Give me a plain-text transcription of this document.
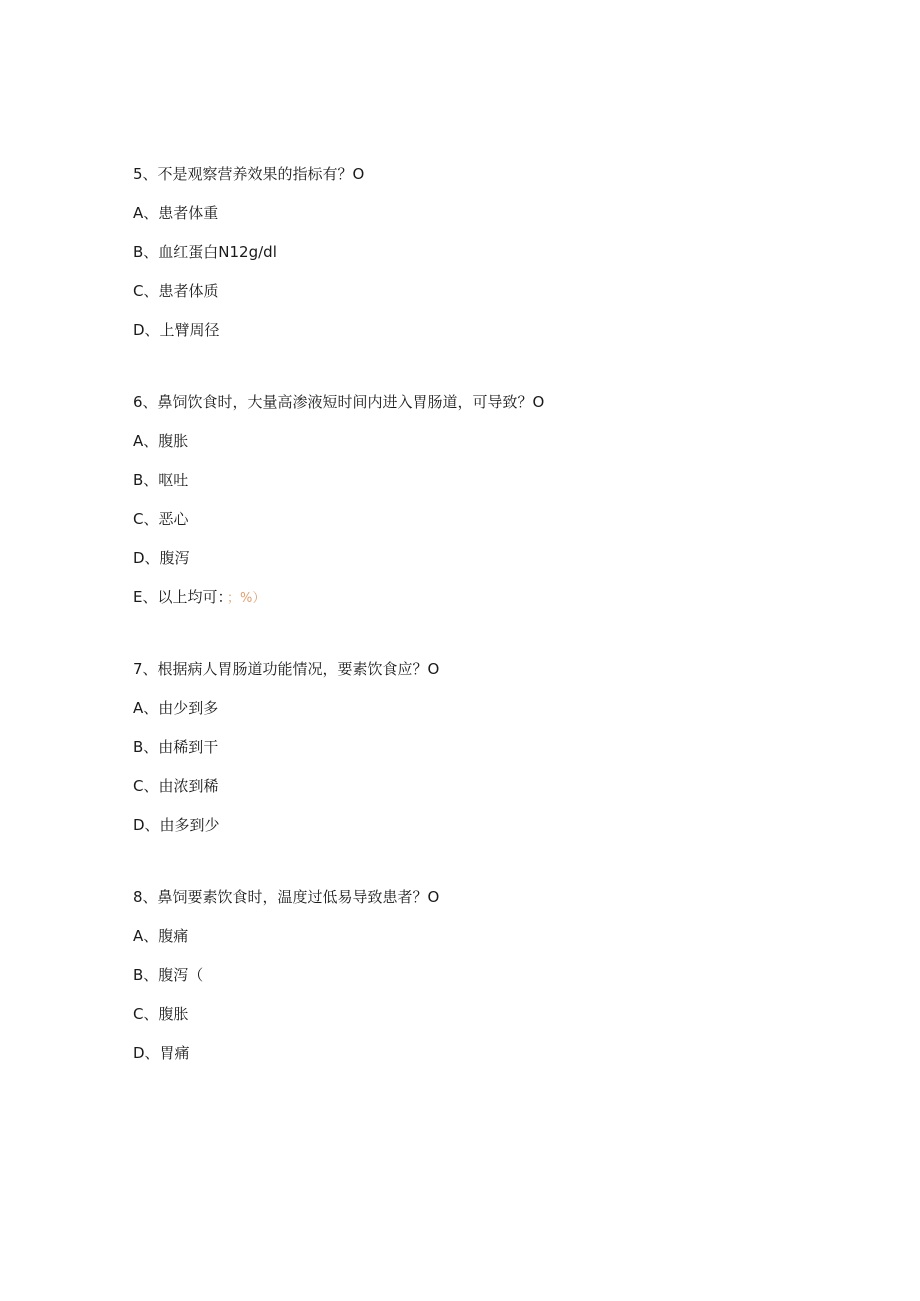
5、不是观察营养效果的指标有？O
A、患者体重
B、血红蛋白N12g∕dl
C、患者体质
D、上臂周径
6、鼻饲饮食时，大量高渗液短时间内进入胃肠道，可导致？O
A、腹胀
B、呕吐
C、恶心
D、腹泻
E、以上均可： ；%）
7、根据病人胃肠道功能情况，要素饮食应？O
A、由少到多
B、由稀到干
C、由浓到稀
D、由多到少
8、鼻饲要素饮食时，温度过低易导致患者？O
A、腹痛
B、腹泻（
C、腹胀
D、胃痛
